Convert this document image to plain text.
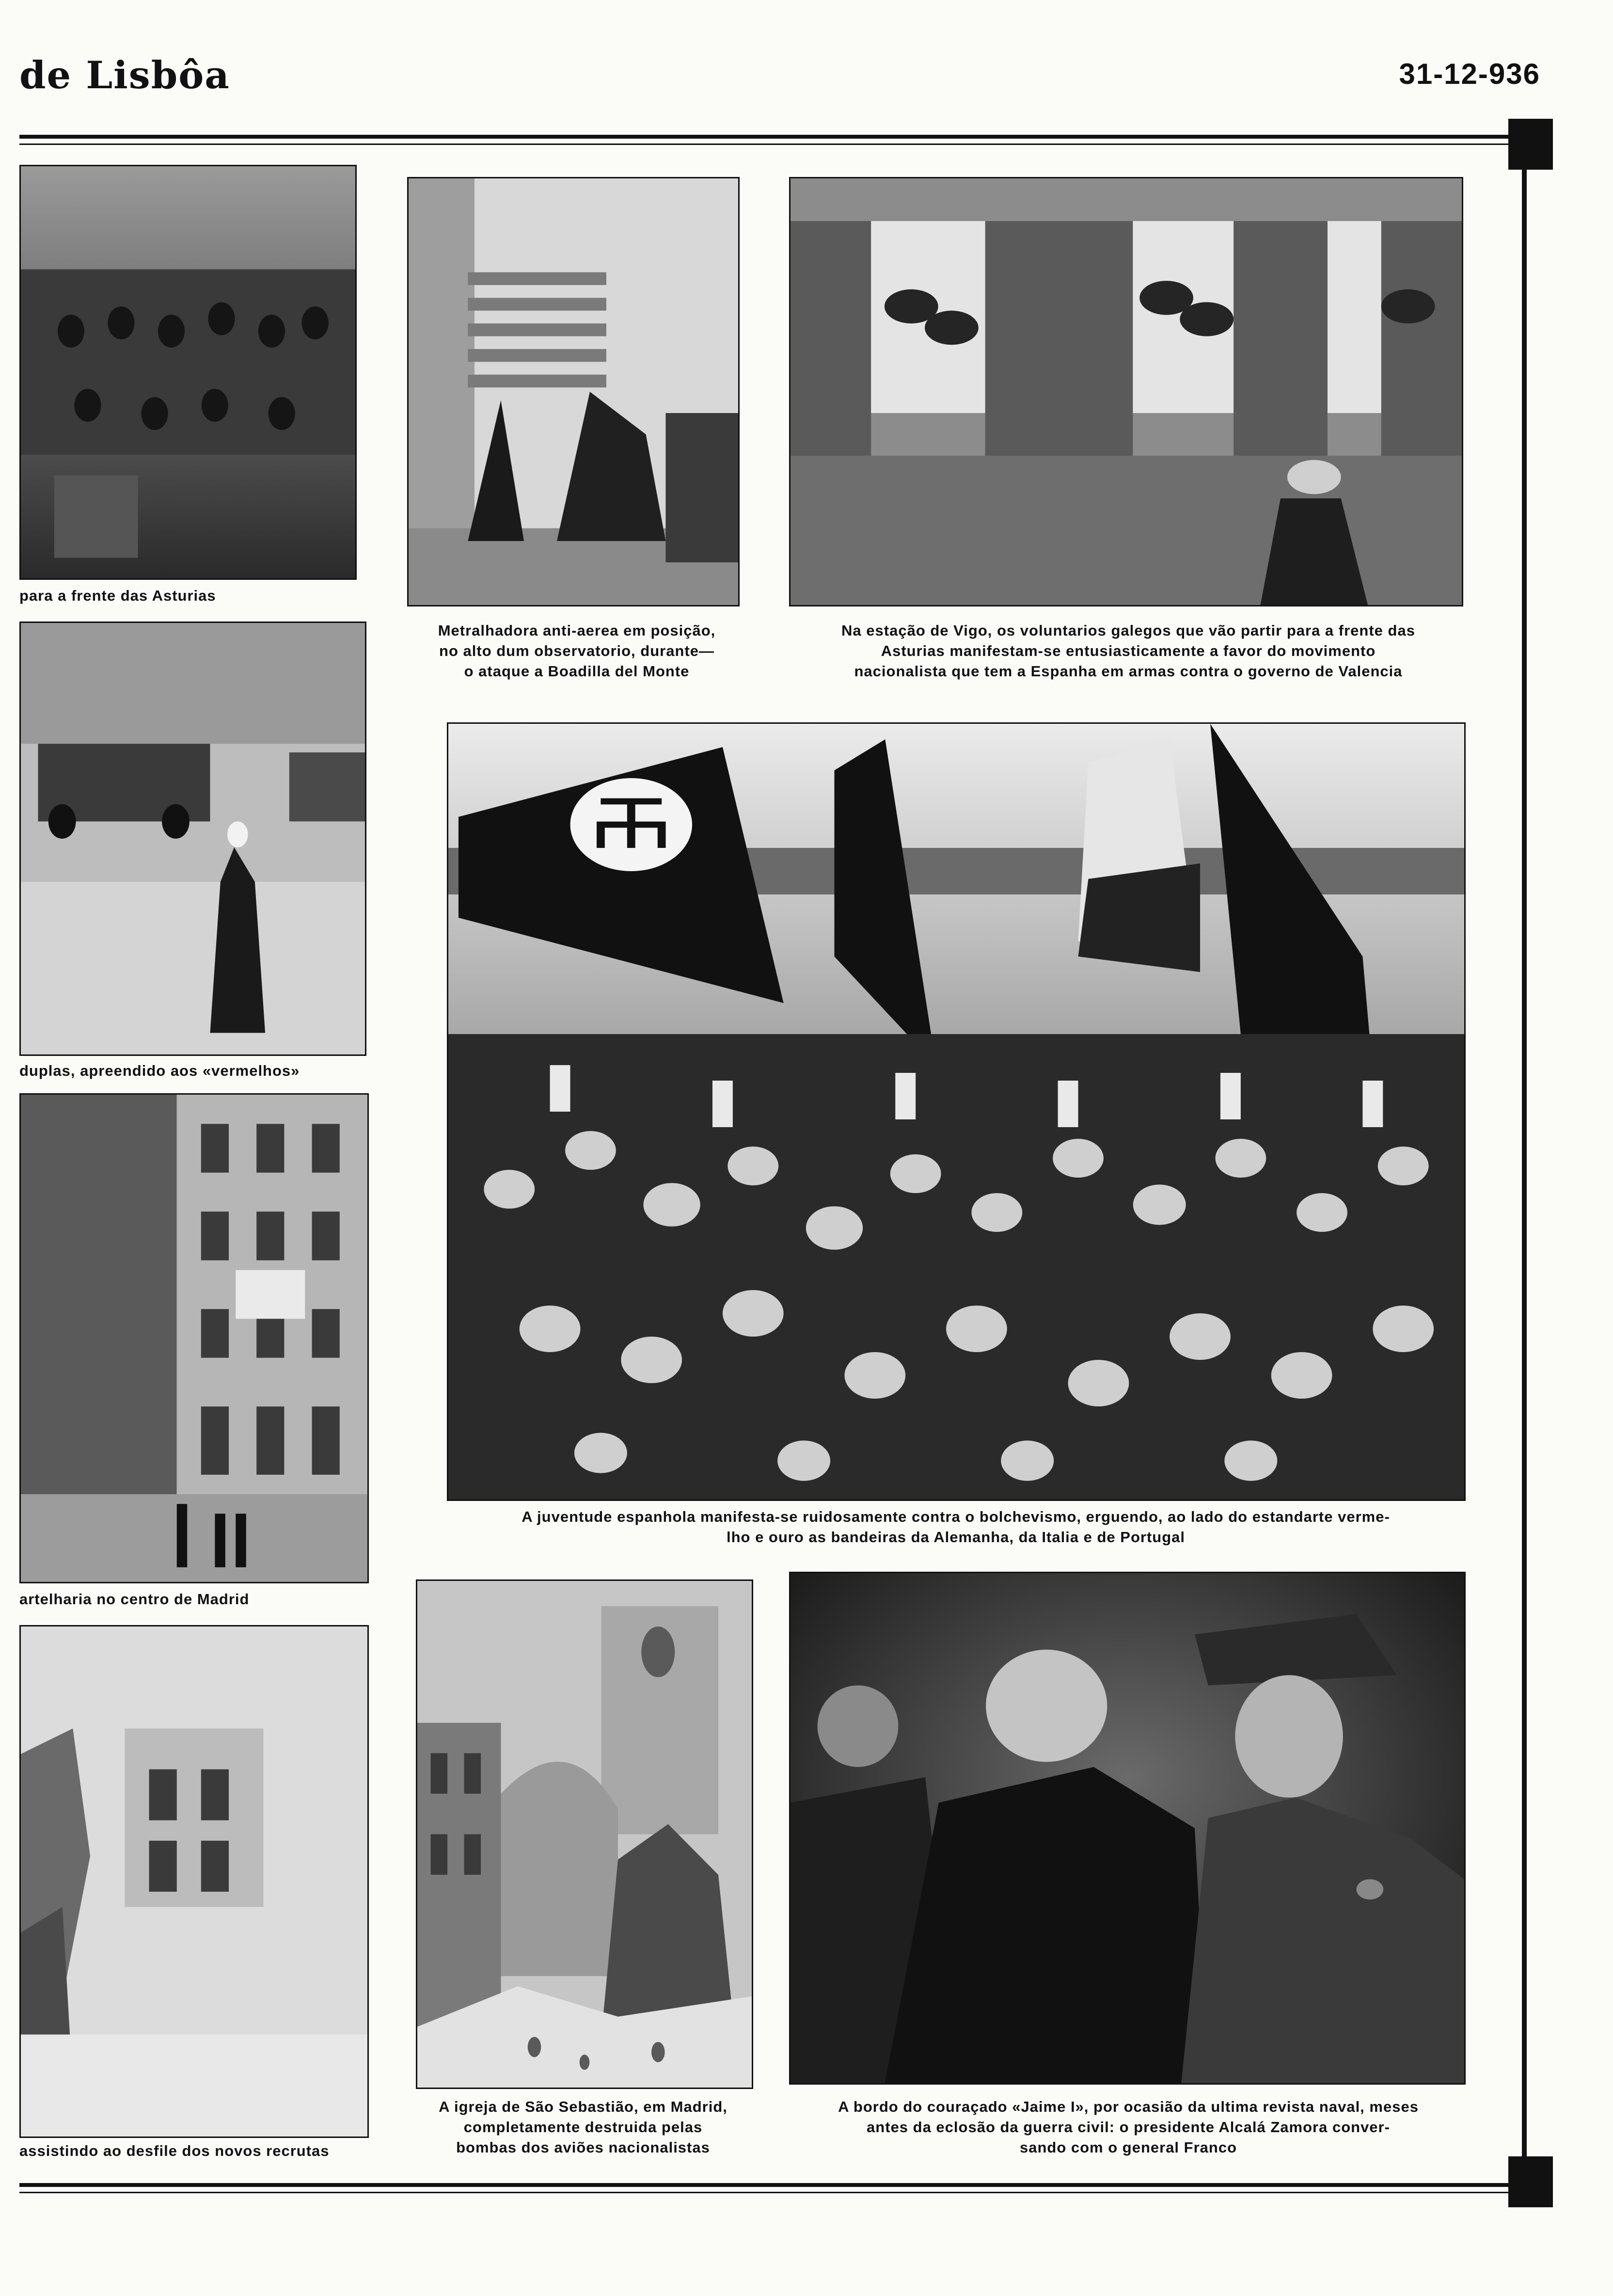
de Lisbôa	31-12-936
para a frente das Asturias
Metralhadora anti-aerea em posição,
no alto dum observatorio, durante—
o ataque a Boadilla del Monte
Na estação de Vigo, os voluntarios galegos que vão partir para a frente das
Asturias manifestam-se entusiasticamente a favor do movimento
nacionalista que tem a Espanha em armas contra o governo de Valencia
duplas, apreendido aos «vermelhos»
A juventude espanhola manifesta-se ruidosamente contra o bolchevismo, erguendo, ao lado do estandarte verme-
lho e ouro as bandeiras da Alemanha, da Italia e de Portugal
artelharia no centro de Madrid
assistindo ao desfile dos novos recrutas
A igreja de São Sebastião, em Madrid,
completamente destruida pelas
bombas dos aviões nacionalistas
A bordo do couraçado «Jaime I», por ocasião da ultima revista naval, meses
antes da eclosão da guerra civil: o presidente Alcalá Zamora conver-
sando com o general Franco
